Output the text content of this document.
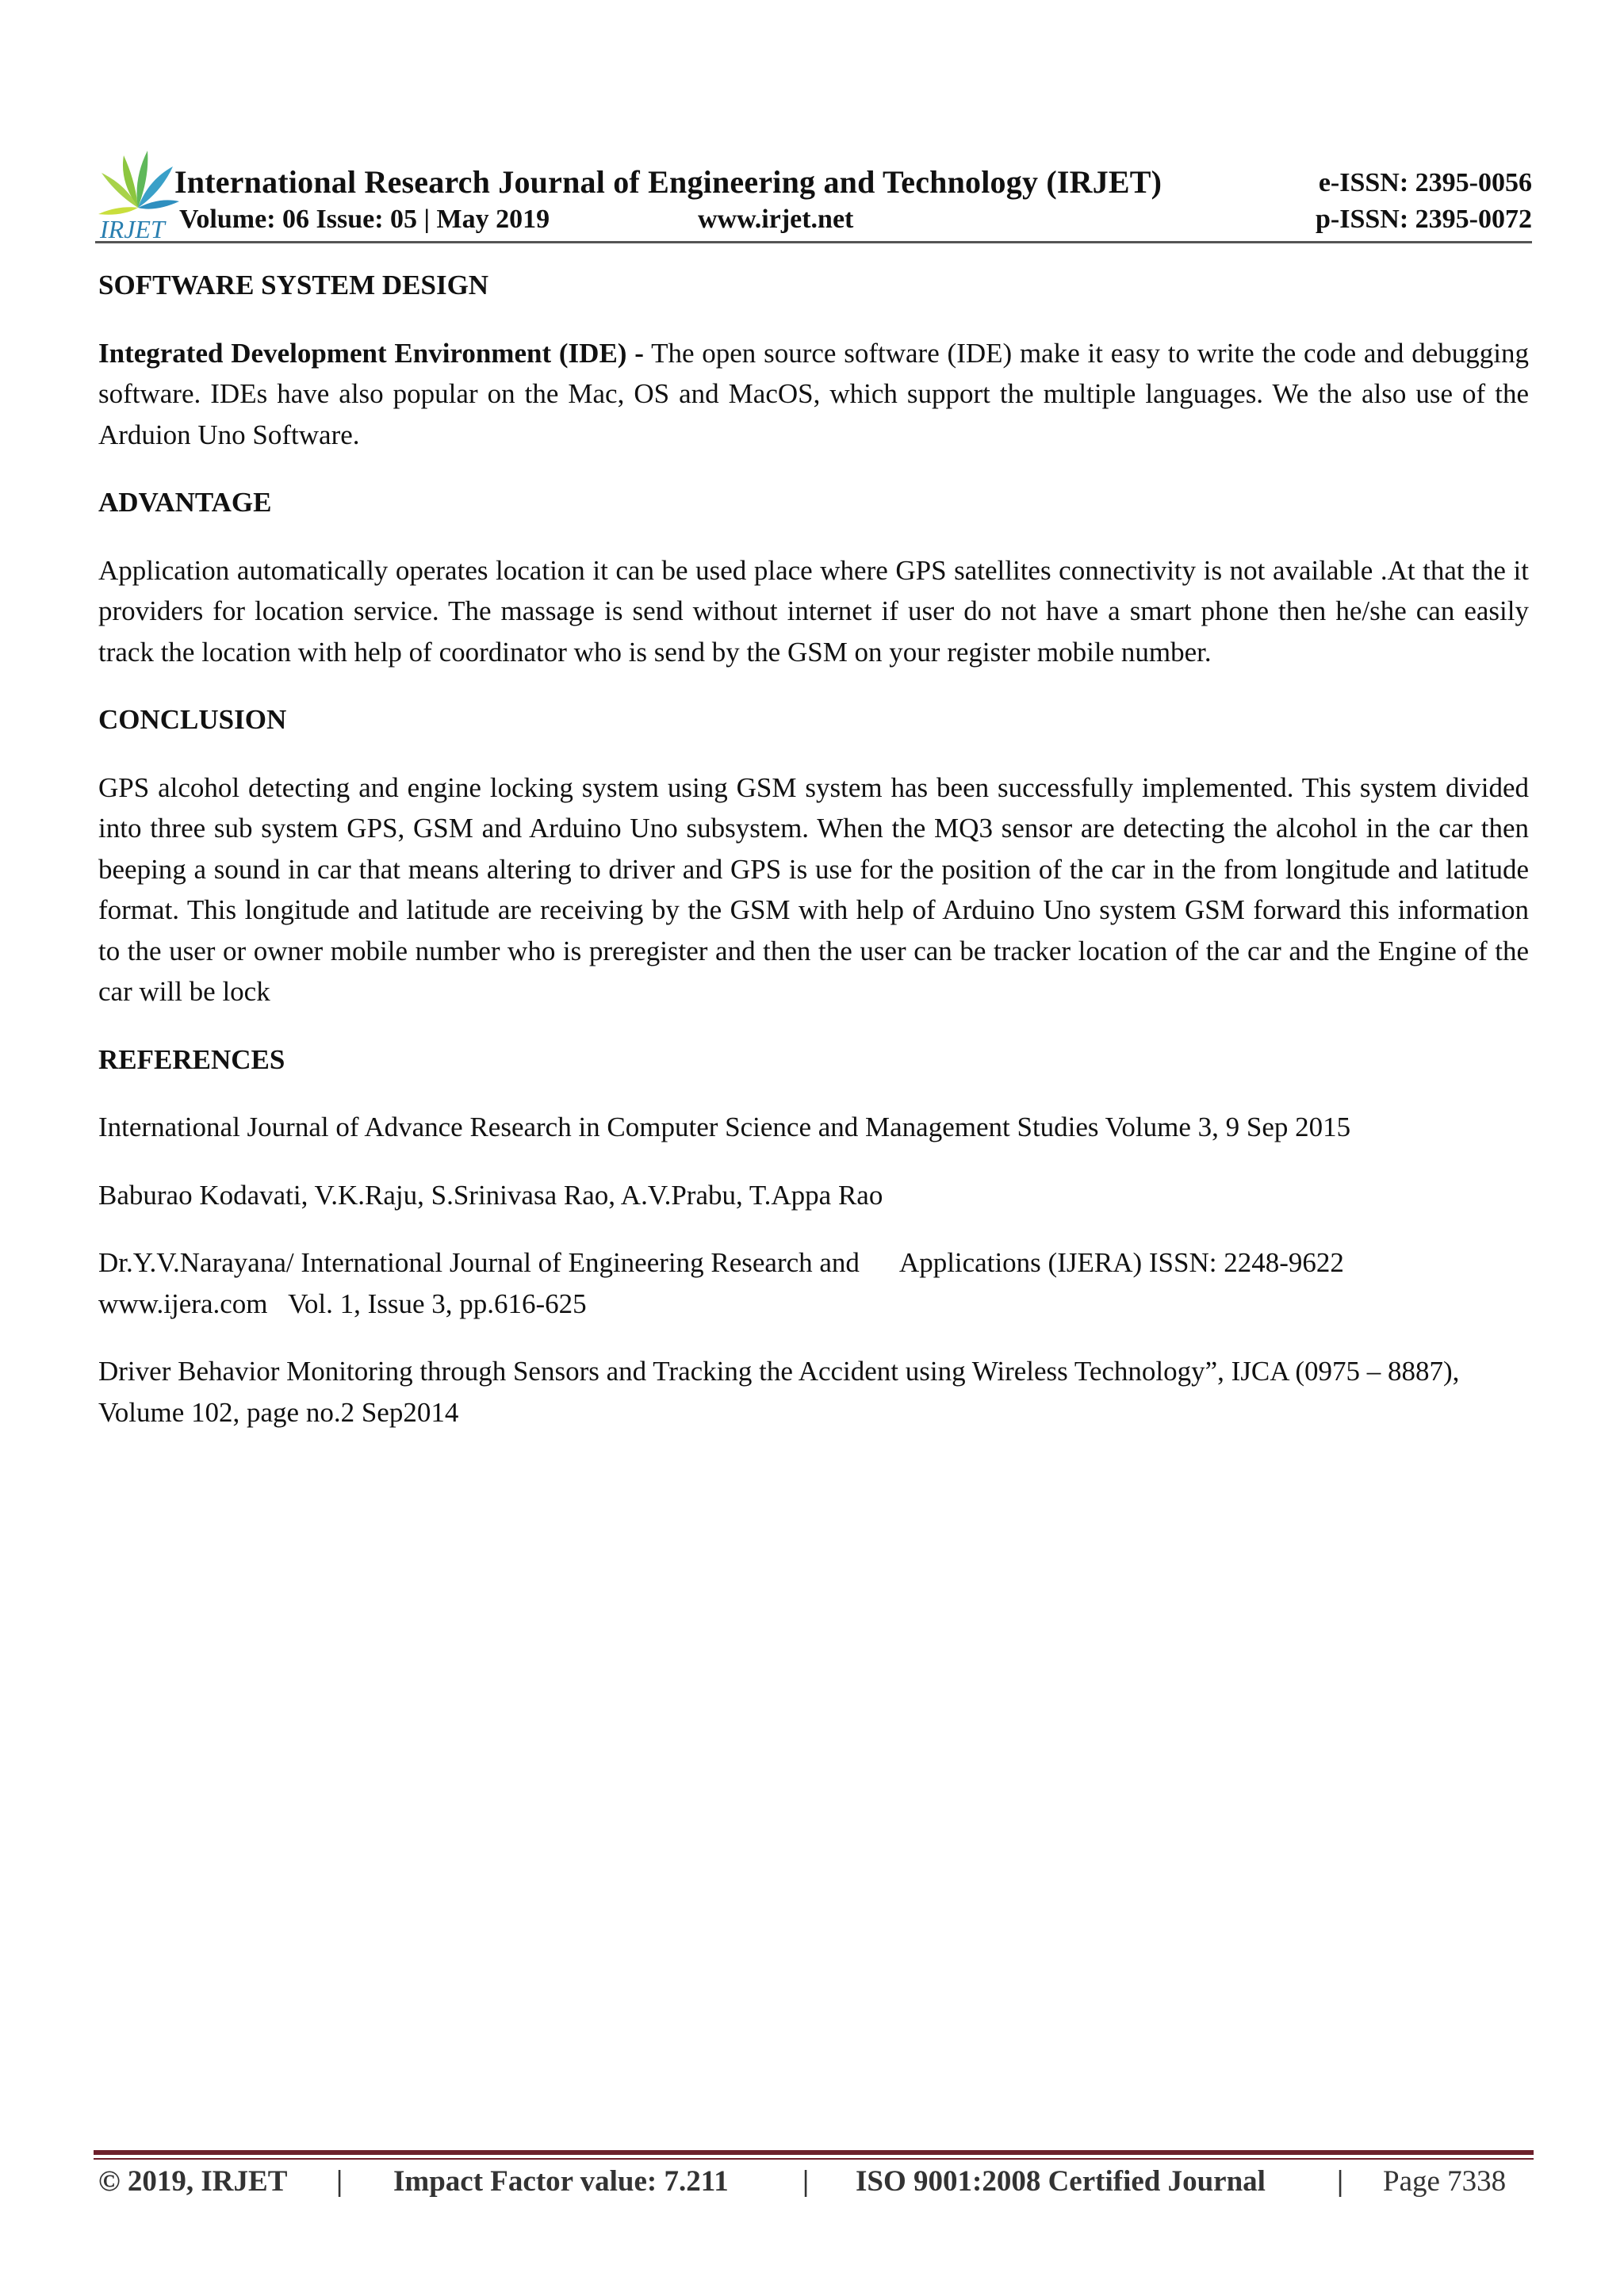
IRJET
International Research Journal of Engineering and Technology (IRJET)
Volume: 06 Issue: 05 | May 2019	www.irjet.net
e-ISSN: 2395-0056
p-ISSN: 2395-0072
SOFTWARE SYSTEM DESIGN

Integrated Development Environment (IDE) - The open source software (IDE) make it easy to write the code and debugging software. IDEs have also popular on the Mac, OS and MacOS, which support the multiple languages. We the also use of the Arduion Uno Software.

ADVANTAGE

Application automatically operates location it can be used place where GPS satellites connectivity is not available .At that the it providers for location service. The massage is send without internet if user do not have a smart phone then he/she can easily track the location with help of coordinator who is send by the GSM on your register mobile number.

CONCLUSION

GPS alcohol detecting and engine locking system using GSM system has been successfully implemented. This system divided into three sub system GPS, GSM and Arduino Uno subsystem. When the MQ3 sensor are detecting the alcohol in the car then beeping a sound in car that means altering to driver and GPS is use for the position of the car in the from longitude and latitude format. This longitude and latitude are receiving by the GSM with help of Arduino Uno system GSM forward this information to the user or owner mobile number who is preregister and then the user can be tracker location of the car and the Engine of the car will be lock

REFERENCES

International Journal of Advance Research in Computer Science and Management Studies Volume 3, 9 Sep 2015

Baburao Kodavati, V.K.Raju, S.Srinivasa Rao, A.V.Prabu, T.Appa Rao

Dr.Y.V.Narayana/ International Journal of Engineering Research and Applications (IJERA) ISSN: 2248-9622
www.ijera.com   Vol. 1, Issue 3, pp.616-625

Driver Behavior Monitoring through Sensors and Tracking the Accident using Wireless Technology”, IJCA (0975 – 8887), Volume 102, page no.2 Sep2014

© 2019, IRJET | Impact Factor value: 7.211	| ISO 9001:2008 Certified Journal | Page 7338
